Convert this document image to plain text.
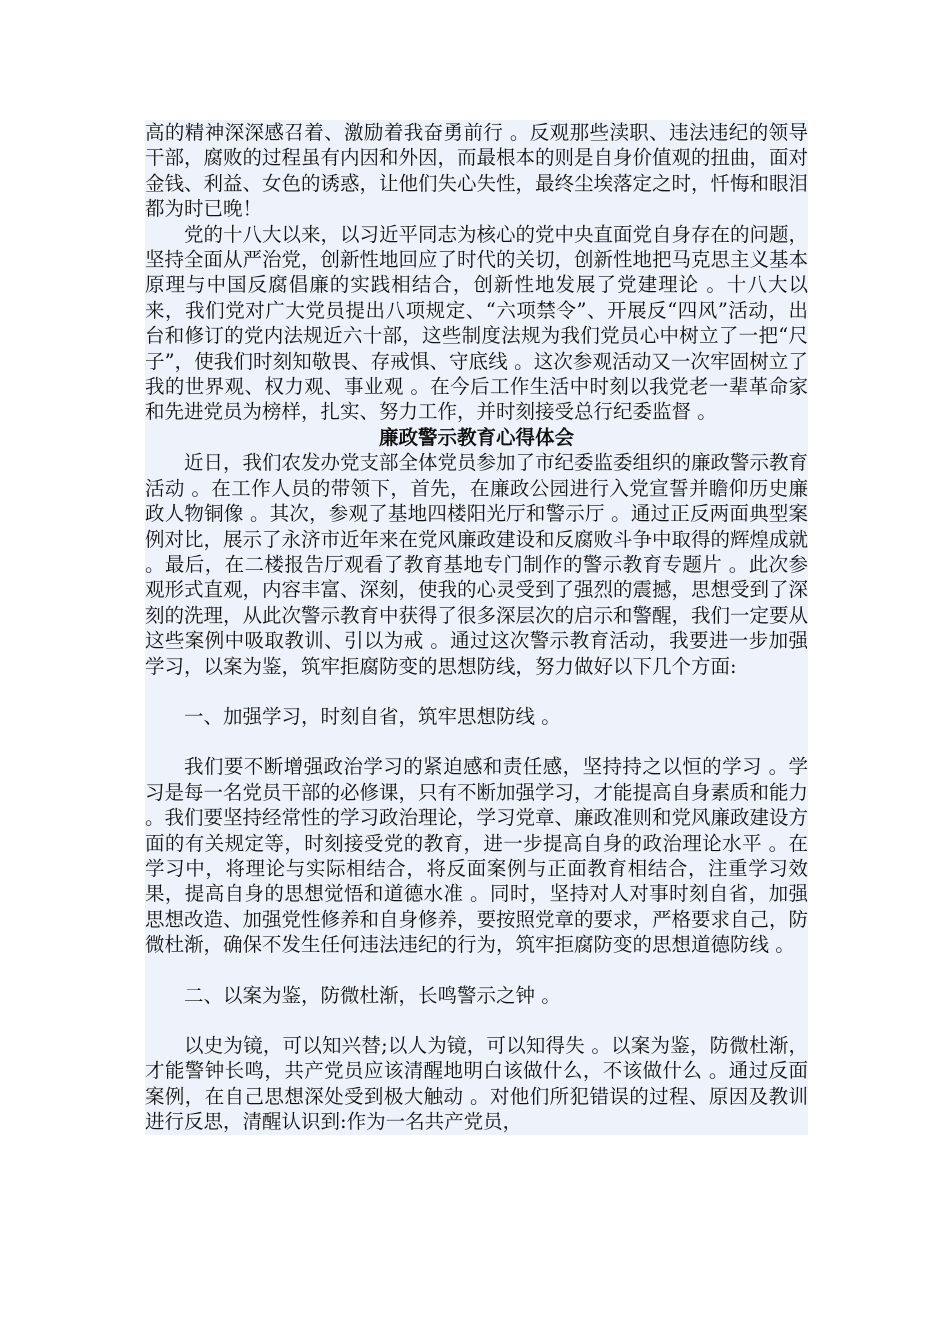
高的精神深深感召着、激励着我奋勇前行 。反观那些渎职、违法违纪的领导干部，腐败的过程虽有内因和外因，而最根本的则是自身价值观的扭曲，面对金钱、利益、女色的诱惑，让他们失心失性，最终尘埃落定之时，忏悔和眼泪都为时已晚！

党的十八大以来，以习近平同志为核心的党中央直面党自身存在的问题，坚持全面从严治党，创新性地回应了时代的关切，创新性地把马克思主义基本原理与中国反腐倡廉的实践相结合，创新性地发展了党建理论 。十八大以来，我们党对广大党员提出八项规定、“六项禁令”、开展反“四风”活动，出台和修订的党内法规近六十部，这些制度法规为我们党员心中树立了一把“尺子”，使我们时刻知敬畏、存戒惧、守底线 。这次参观活动又一次牢固树立了我的世界观、权力观、事业观 。在今后工作生活中时刻以我党老一辈革命家和先进党员为榜样，扎实、努力工作，并时刻接受总行纪委监督 。

廉政警示教育心得体会

近日，我们农发办党支部全体党员参加了市纪委监委组织的廉政警示教育活动 。在工作人员的带领下，首先，在廉政公园进行入党宣誓并瞻仰历史廉政人物铜像 。其次，参观了基地四楼阳光厅和警示厅 。通过正反两面典型案例对比，展示了永济市近年来在党风廉政建设和反腐败斗争中取得的辉煌成就 。最后，在二楼报告厅观看了教育基地专门制作的警示教育专题片 。此次参观形式直观，内容丰富、深刻，使我的心灵受到了强烈的震撼，思想受到了深刻的洗理，从此次警示教育中获得了很多深层次的启示和警醒，我们一定要从这些案例中吸取教训、引以为戒 。通过这次警示教育活动，我要进一步加强学习，以案为鉴，筑牢拒腐防变的思想防线，努力做好以下几个方面:

一、加强学习，时刻自省，筑牢思想防线 。

我们要不断增强政治学习的紧迫感和责任感，坚持持之以恒的学习 。学习是每一名党员干部的必修课，只有不断加强学习，才能提高自身素质和能力 。我们要坚持经常性的学习政治理论，学习党章、廉政准则和党风廉政建设方面的有关规定等，时刻接受党的教育，进一步提高自身的政治理论水平 。在学习中，将理论与实际相结合，将反面案例与正面教育相结合，注重学习效果，提高自身的思想觉悟和道德水准 。同时，坚持对人对事时刻自省，加强思想改造、加强党性修养和自身修养，要按照党章的要求，严格要求自己，防微杜渐，确保不发生任何违法违纪的行为，筑牢拒腐防变的思想道德防线 。

二、以案为鉴，防微杜渐，长鸣警示之钟 。

以史为镜，可以知兴替;以人为镜，可以知得失 。以案为鉴，防微杜渐，才能警钟长鸣，共产党员应该清醒地明白该做什么，不该做什么 。通过反面案例，在自己思想深处受到极大触动 。对他们所犯错误的过程、原因及教训进行反思，清醒认识到:作为一名共产党员，
